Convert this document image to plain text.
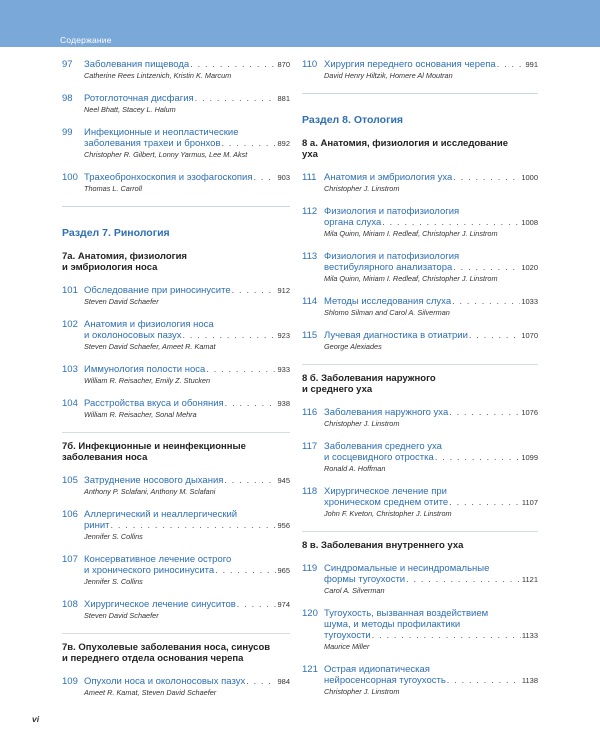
Содержание
97	Заболевания пищевода . . .	870
Catherine Rees Lintzenich, Kristin K. Marcum
98	Ротоглоточная дисфагия . . .	881
Neel Bhatt, Stacey L. Halum
99	Инфекционные и неопластические
заболевания трахеи и бронхов . . .	892
Christopher R. Gilbert, Lonny Yarmus, Lee M. Akst
100 Трахеобронхоскопия и эзофагоскопия . . .	903
Thomas L. Carroll
Раздел 7. Ринология
7а. Анатомия, физиология
и эмбриология носа
101 Обследование при риносинусите . . .	912
Steven David Schaefer
102 Анатомия и физиология носа
и околоносовых пазух . . .	923
Steven David Schaefer, Ameet R. Kamat
103 Иммунология полости носа . . .	933
William R. Reisacher, Emily Z. Stucken
104 Расстройства вкуса и обоняния . . .	938
William R. Reisacher, Sonal Mehra
7б. Инфекционные и неинфекционные
заболевания носа
105 Затруднение носового дыхания . . .	945
Anthony P. Sclafani, Anthony M. Sclafani
106 Аллергический и неаллергический
ринит . . .	956
Jennifer S. Collins
107 Консервативное лечение острого
и хронического риносинусита . . .	965
Jennifer S. Collins
108 Хирургическое лечение синуситов . . .	974
Steven David Schaefer
7в. Опухолевые заболевания носа, синусов
и переднего отдела основания черепа
109 Опухоли носа и околоносовых пазух . . .	984
Ameet R. Kamat, Steven David Schaefer
110 Хирургия переднего основания черепа . . .	991
David Henry Hiltzik, Homere Al Moutran
Раздел 8. Отология
8 а. Анатомия, физиология и исследование
уха
111 Анатомия и эмбриология уха . . .	1000
Christopher J. Linstrom
112 Физиология и патофизиология
органа слуха . . .	1008
Mila Quinn, Miriam I. Redleaf, Christopher J. Linstrom
113 Физиология и патофизиология
вестибулярного анализатора . . .	1020
Mila Quinn, Miriam I. Redleaf, Christopher J. Linstrom
114 Методы исследования слуха . . .	1033
Shlomo Silman and Carol A. Silverman
115 Лучевая диагностика в отиатрии . . .	1070
George Alexiades
8 б. Заболевания наружного
и среднего уха
116 Заболевания наружного уха . . .	1076
Christopher J. Linstrom
117 Заболевания среднего уха
и сосцевидного отростка . . .	1099
Ronald A. Hoffman
118 Хирургическое лечение при
хроническом среднем отите . . .	1107
John F. Kveton, Christopher J. Linstrom
8 в. Заболевания внутреннего уха
119 Синдромальные и несиндромальные
формы тугоухости . . .	1121
Carol A. Silverman
120 Тугоухость, вызванная воздействием
шума, и методы профилактики
тугоухости . . .	1133
Maurice Miller
121 Острая идиопатическая
нейросенсорная тугоухость . . .	1138
Christopher J. Linstrom
vi
